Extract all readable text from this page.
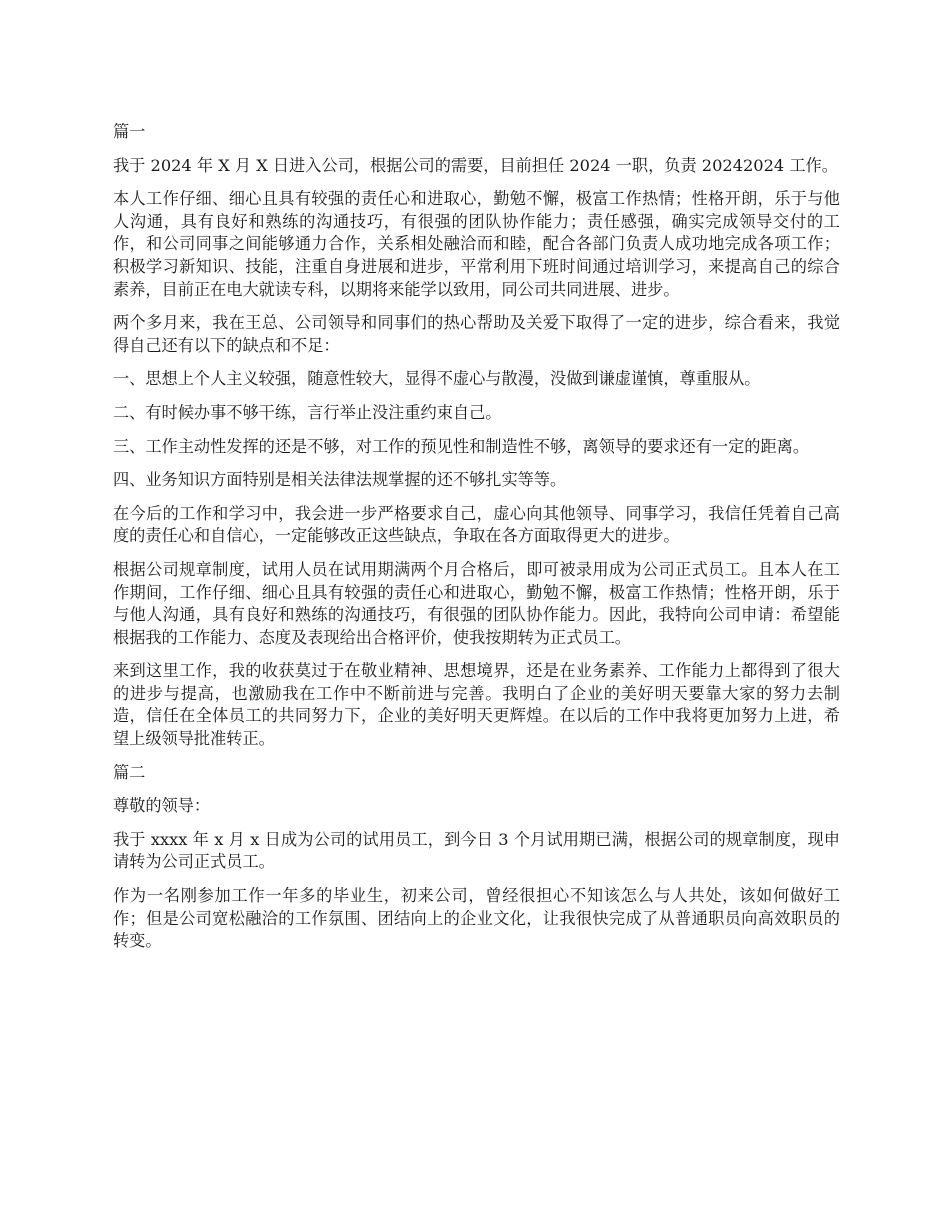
篇一

我于 2024 年 X 月 X 日进入公司，根据公司的需要，目前担任 2024 一职，负责 20242024 工作。

本人工作仔细、细心且具有较强的责任心和进取心，勤勉不懈，极富工作热情；性格开朗，乐于与他人沟通，具有良好和熟练的沟通技巧，有很强的团队协作能力；责任感强，确实完成领导交付的工作，和公司同事之间能够通力合作，关系相处融洽而和睦，配合各部门负责人成功地完成各项工作；积极学习新知识、技能，注重自身进展和进步，平常利用下班时间通过培训学习，来提高自己的综合素养，目前正在电大就读专科，以期将来能学以致用，同公司共同进展、进步。

两个多月来，我在王总、公司领导和同事们的热心帮助及关爱下取得了一定的进步，综合看来，我觉得自己还有以下的缺点和不足：

一、思想上个人主义较强，随意性较大，显得不虚心与散漫，没做到谦虚谨慎，尊重服从。

二、有时候办事不够干练，言行举止没注重约束自己。

三、工作主动性发挥的还是不够，对工作的预见性和制造性不够，离领导的要求还有一定的距离。

四、业务知识方面特别是相关法律法规掌握的还不够扎实等等。

在今后的工作和学习中，我会进一步严格要求自己，虚心向其他领导、同事学习，我信任凭着自己高度的责任心和自信心，一定能够改正这些缺点，争取在各方面取得更大的进步。

根据公司规章制度，试用人员在试用期满两个月合格后，即可被录用成为公司正式员工。且本人在工作期间，工作仔细、细心且具有较强的责任心和进取心，勤勉不懈，极富工作热情；性格开朗，乐于与他人沟通，具有良好和熟练的沟通技巧，有很强的团队协作能力。因此，我特向公司申请：希望能根据我的工作能力、态度及表现给出合格评价，使我按期转为正式员工。

来到这里工作，我的收获莫过于在敬业精神、思想境界，还是在业务素养、工作能力上都得到了很大的进步与提高，也激励我在工作中不断前进与完善。我明白了企业的美好明天要靠大家的努力去制造，信任在全体员工的共同努力下，企业的美好明天更辉煌。在以后的工作中我将更加努力上进，希望上级领导批准转正。

篇二

尊敬的领导：

我于 xxxx 年 x 月 x 日成为公司的试用员工，到今日 3 个月试用期已满，根据公司的规章制度，现申请转为公司正式员工。

作为一名刚参加工作一年多的毕业生，初来公司，曾经很担心不知该怎么与人共处，该如何做好工作；但是公司宽松融洽的工作氛围、团结向上的企业文化，让我很快完成了从普通职员向高效职员的转变。
